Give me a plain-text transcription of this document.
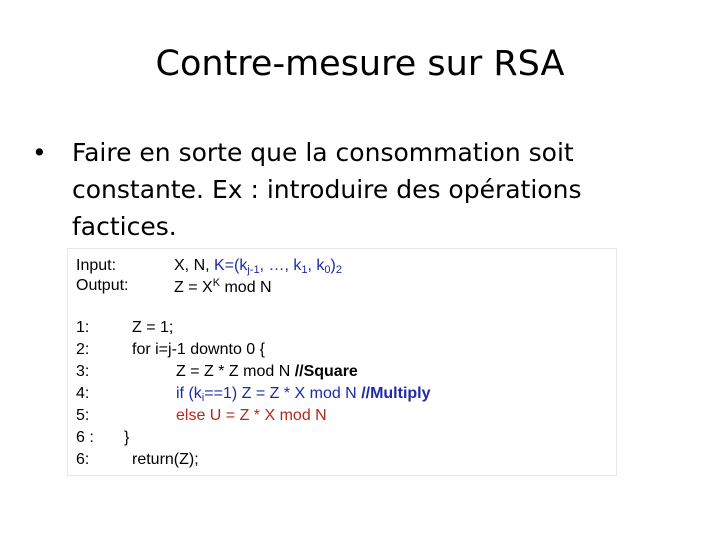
Contre-mesure sur RSA
• Faire en sorte que la consommation soit constante. Ex : introduire des opérations factices.
Input:	X, N, $K=(k_{j-1}$, …, $k_1$, $k_0)_2$
Output:	$Z = X^K$ mod N
1:
2:
3:
4:
5:
6 :
6:
Z = 1;
for i=j-1 downto 0 {
Z = Z * Z mod N //Square
if $(k_i==1) Z = Z * X$ mod N //Multiply
else U = Z * X mod N
}
return(Z);
